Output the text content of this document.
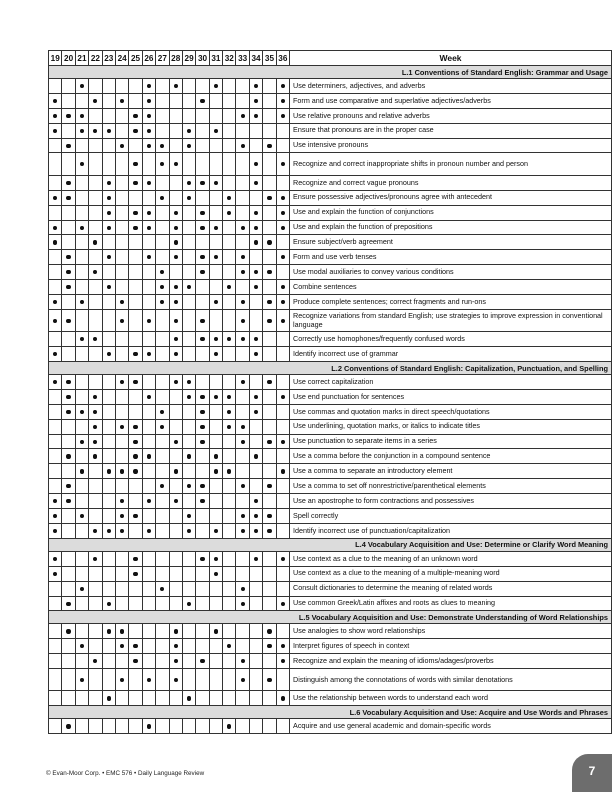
19	20	21	22	23	24	25	26	27	28	29	30	31	32	33	34	35	36	Week
L.1 Conventions of Standard English: Grammar and Usage																		
																		Use determiners, adjectives, and adverbs
																		Form and use comparative and superlative adjectives/adverbs
																		Use relative pronouns and relative adverbs
																		Ensure that pronouns are in the proper case
																		Use intensive pronouns
																		Recognize and correct inappropriate shifts in pronoun number and person
																		Recognize and correct vague pronouns
																		Ensure possessive adjectives/pronouns agree with antecedent
																		Use and explain the function of conjunctions
																		Use and explain the function of prepositions
																		Ensure subject/verb agreement
																		Form and use verb tenses
																		Use modal auxiliaries to convey various conditions
																		Combine sentences
																		Produce complete sentences; correct fragments and run-ons
																		Recognize variations from standard English; use strategies to improve expression in conventional language
																		Correctly use homophones/frequently confused words
																		Identify incorrect use of grammar
L.2 Conventions of Standard English: Capitalization, Punctuation, and Spelling																		
																		Use correct capitalization
																		Use end punctuation for sentences
																		Use commas and quotation marks in direct speech/quotations
																		Use underlining, quotation marks, or italics to indicate titles
																		Use punctuation to separate items in a series
																		Use a comma before the conjunction in a compound sentence
																		Use a comma to separate an introductory element
																		Use a comma to set off nonrestrictive/parenthetical elements
																		Use an apostrophe to form contractions and possessives
																		Spell correctly
																		Identify incorrect use of punctuation/capitalization
L.4 Vocabulary Acquisition and Use: Determine or Clarify Word Meaning																		
																		Use context as a clue to the meaning of an unknown word
																		Use context as a clue to the meaning of a multiple-meaning word
																		Consult dictionaries to determine the meaning of related words
																		Use common Greek/Latin affixes and roots as clues to meaning
L.5 Vocabulary Acquisition and Use: Demonstrate Understanding of Word Relationships																		
																		Use analogies to show word relationships
																		Interpret figures of speech in context
																		Recognize and explain the meaning of idioms/adages/proverbs
																		Distinguish among the connotations of words with similar denotations
																		Use the relationship between words to understand each word
L.6 Vocabulary Acquisition and Use: Acquire and Use Words and Phrases																		
																		Acquire and use general academic and domain-specific words
© Evan-Moor Corp. • EMC 576 • Daily Language Review	7
